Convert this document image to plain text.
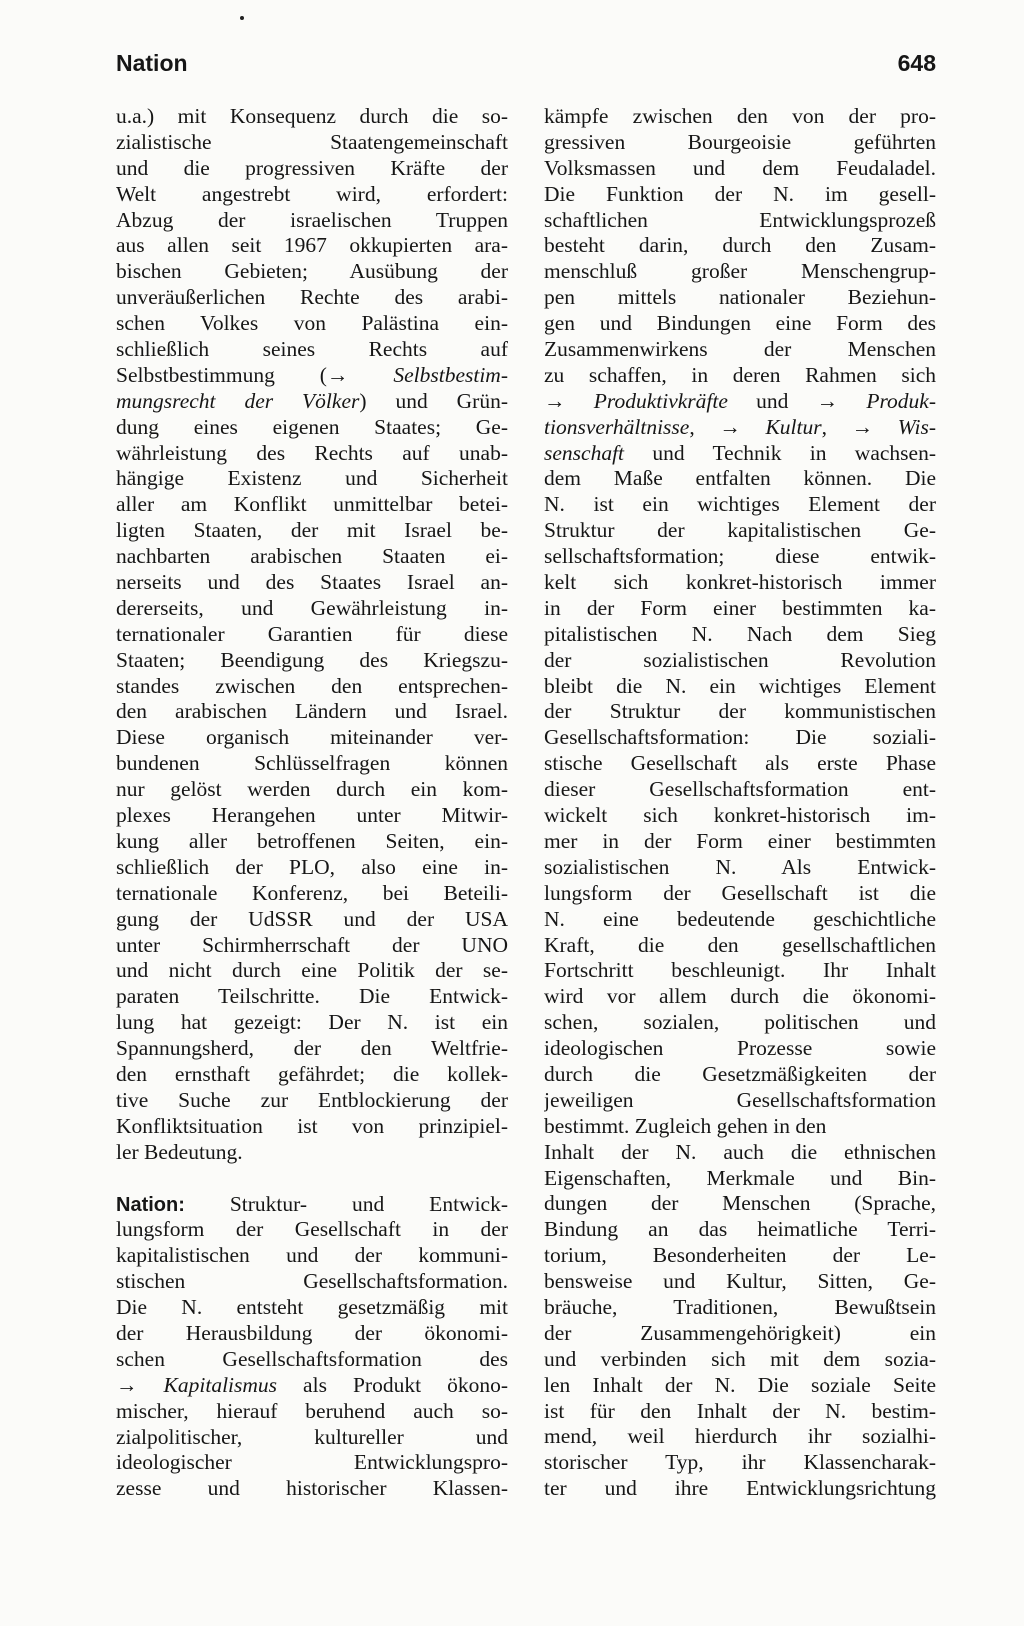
Nation	648
u.a.) mit Konsequenz durch die so-
zialistische Staatengemeinschaft
und die progressiven Kräfte der
Welt angestrebt wird, erfordert:
Abzug der israelischen Truppen
aus allen seit 1967 okkupierten ara-
bischen Gebieten; Ausübung der
unveräußerlichen Rechte des arabi-
schen Volkes von Palästina ein-
schließlich seines Rechts auf
Selbstbestimmung (→ Selbstbestim-
mungsrecht der Völker) und Grün-
dung eines eigenen Staates; Ge-
währleistung des Rechts auf unab-
hängige Existenz und Sicherheit
aller am Konflikt unmittelbar beteі-
ligten Staaten, der mit Israel be-
nachbarten arabischen Staaten ei-
nerseits und des Staates Israel an-
dererseits, und Gewährleistung in-
ternationaler Garantien für diese
Staaten; Beendigung des Kriegszu-
standes zwischen den entsprechen-
den arabischen Ländern und Israel.
Diese organisch miteinander ver-
bundenen Schlüsselfragen können
nur gelöst werden durch ein kom-
plexes Herangehen unter Mitwir-
kung aller betroffenen Seiten, ein-
schließlich der PLO, also eine in-
ternationale Konferenz, bei Beteili-
gung der UdSSR und der USA
unter Schirmherrschaft der UNO
und nicht durch eine Politik der se-
paraten Teilschritte. Die Entwick-
lung hat gezeigt: Der N. ist ein
Spannungsherd, der den Weltfrie-
den ernsthaft gefährdet; die kollek-
tive Suche zur Entblockierung der
Konfliktsituation ist von prinzipiel-
ler Bedeutung.
Nation: Struktur- und Entwick-
lungsform der Gesellschaft in der
kapitalistischen und der kommuni-
stischen Gesellschaftsformation.
Die N. entsteht gesetzmäßig mit
der Herausbildung der ökonomi-
schen Gesellschaftsformation des
→ Kapitalismus als Produkt ökono-
mischer, hierauf beruhend auch so-
zialpolitischer, kultureller und
ideologischer Entwicklungspro-
zesse und historischer Klassen-
kämpfe zwischen den von der pro-
gressiven Bourgeoisie geführten
Volksmassen und dem Feudaladel.
Die Funktion der N. im gesell-
schaftlichen Entwicklungsprozeß
besteht darin, durch den Zusam-
menschluß großer Menschengrup-
pen mittels nationaler Beziehun-
gen und Bindungen eine Form des
Zusammenwirkens der Menschen
zu schaffen, in deren Rahmen sich
→ Produktivkräfte und → Produk-
tionsverhältnisse, → Kultur, → Wis-
senschaft und Technik in wachsen-
dem Maße entfalten können. Die
N. ist ein wichtiges Element der
Struktur der kapitalistischen Ge-
sellschaftsformation; diese entwik-
kelt sich konkret-historisch immer
in der Form einer bestimmten ka-
pitalistischen N. Nach dem Sieg
der sozialistischen Revolution
bleibt die N. ein wichtiges Element
der Struktur der kommunistischen
Gesellschaftsformation: Die soziali-
stische Gesellschaft als erste Phase
dieser Gesellschaftsformation ent-
wickelt sich konkret-historisch im-
mer in der Form einer bestimmten
sozialistischen N. Als Entwick-
lungsform der Gesellschaft ist die
N. eine bedeutende geschichtliche
Kraft, die den gesellschaftlichen
Fortschritt beschleunigt. Ihr Inhalt
wird vor allem durch die ökonomi-
schen, sozialen, politischen und
ideologischen Prozesse sowie
durch die Gesetzmäßigkeiten der
jeweiligen Gesellschaftsformation
bestimmt. Zugleich gehen in den
Inhalt der N. auch die ethnischen
Eigenschaften, Merkmale und Bin-
dungen der Menschen (Sprache,
Bindung an das heimatliche Terri-
torium, Besonderheiten der Le-
bensweise und Kultur, Sitten, Ge-
bräuche, Traditionen, Bewußtsein
der Zusammengehörigkeit) ein
und verbinden sich mit dem sozia-
len Inhalt der N. Die soziale Seite
ist für den Inhalt der N. bestim-
mend, weil hierdurch ihr sozialhi-
storischer Typ, ihr Klassencharak-
ter und ihre Entwicklungsrichtung
